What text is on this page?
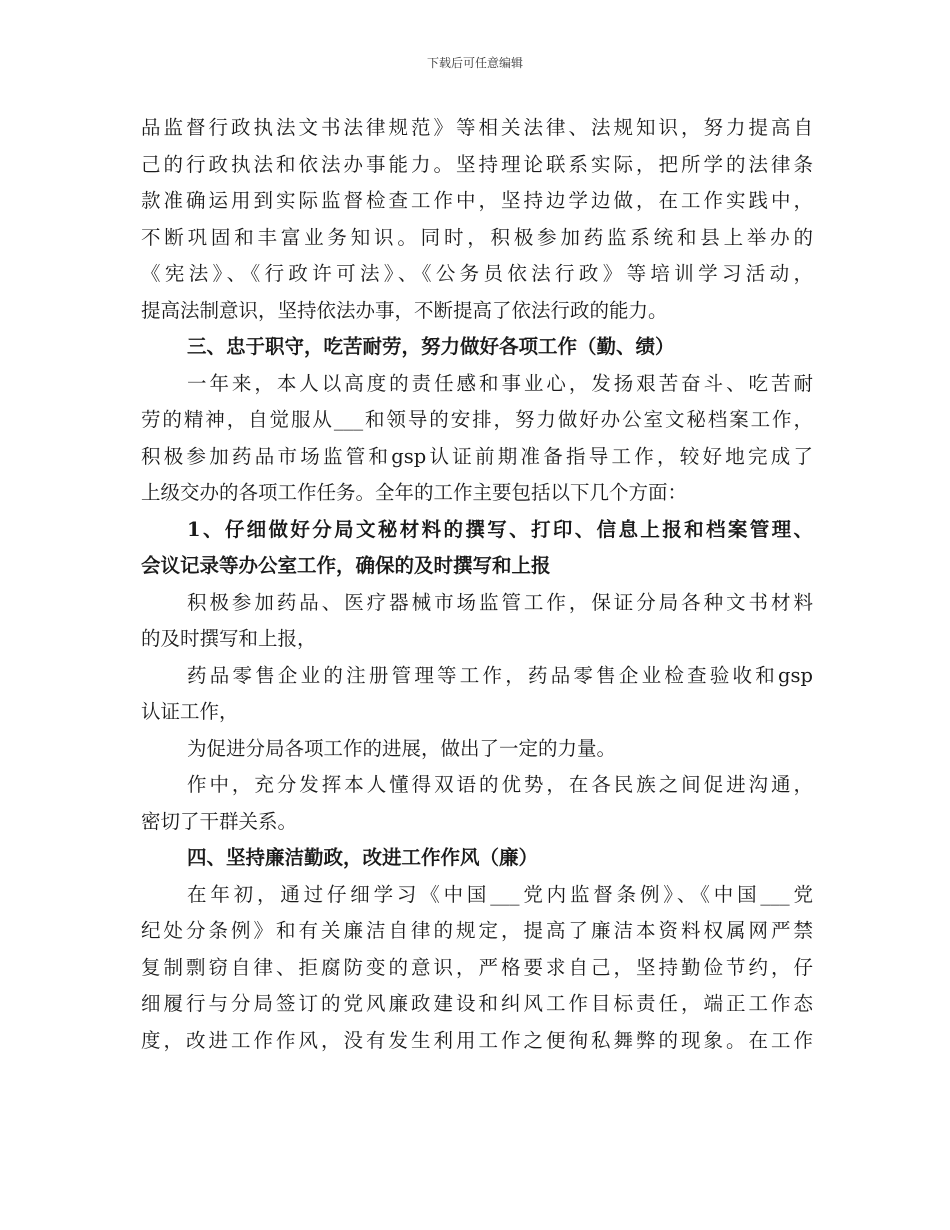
下载后可任意编辑
品监督行政执法文书法律规范》等相关法律、法规知识，努力提高自
己的行政执法和依法办事能力。坚持理论联系实际，把所学的法律条
款准确运用到实际监督检查工作中，坚持边学边做，在工作实践中，
不断巩固和丰富业务知识。同时，积极参加药监系统和县上举办的
《宪法》、《行政许可法》、《公务员依法行政》等培训学习活动，
提高法制意识，坚持依法办事，不断提高了依法行政的能力。
三、忠于职守，吃苦耐劳，努力做好各项工作（勤、绩）
一年来，本人以高度的责任感和事业心，发扬艰苦奋斗、吃苦耐
劳的精神，自觉服从___和领导的安排，努力做好办公室文秘档案工作，
积极参加药品市场监管和gsp认证前期准备指导工作，较好地完成了
上级交办的各项工作任务。全年的工作主要包括以下几个方面：
1、仔细做好分局文秘材料的撰写、打印、信息上报和档案管理、
会议记录等办公室工作，确保的及时撰写和上报
积极参加药品、医疗器械市场监管工作，保证分局各种文书材料
的及时撰写和上报，
药品零售企业的注册管理等工作，药品零售企业检查验收和gsp
认证工作，
为促进分局各项工作的进展，做出了一定的力量。
作中，充分发挥本人懂得双语的优势，在各民族之间促进沟通，
密切了干群关系。
四、坚持廉洁勤政，改进工作作风（廉）
在年初，通过仔细学习《中国___党内监督条例》、《中国___党
纪处分条例》和有关廉洁自律的规定，提高了廉洁本资料权属网严禁
复制剽窃自律、拒腐防变的意识，严格要求自己，坚持勤俭节约，仔
细履行与分局签订的党风廉政建设和纠风工作目标责任，端正工作态
度，改进工作作风，没有发生利用工作之便徇私舞弊的现象。在工作
